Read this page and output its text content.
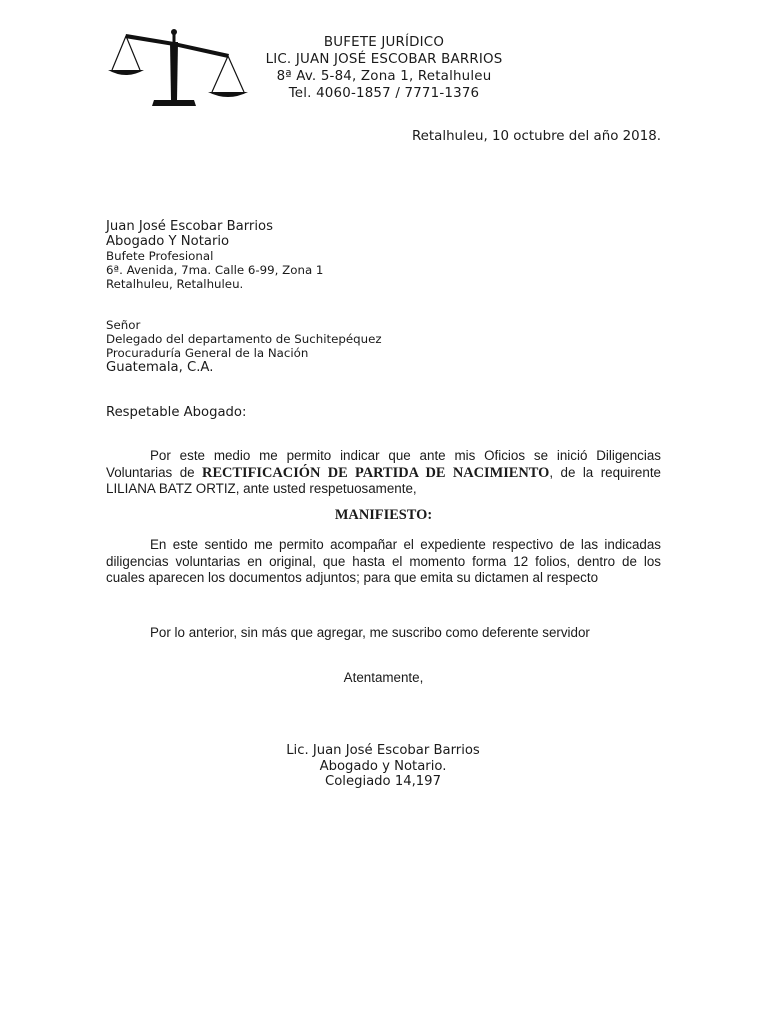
BUFETE JURÍDICO
LIC. JUAN JOSÉ ESCOBAR BARRIOS
8ª Av. 5-84, Zona 1, Retalhuleu
Tel. 4060-1857 / 7771-1376
Retalhuleu, 10 octubre del año 2018.
Juan José Escobar Barrios
Abogado Y Notario
Bufete Profesional
6ª. Avenida, 7ma. Calle 6-99, Zona 1
Retalhuleu, Retalhuleu.
Señor
Delegado del departamento de Suchitepéquez
Procuraduría General de la Nación
Guatemala, C.A.
Respetable Abogado:
Por este medio me permito indicar que ante mis Oficios se inició Diligencias Voluntarias de RECTIFICACIÓN DE PARTIDA DE NACIMIENTO, de la requirente LILIANA BATZ ORTIZ, ante usted respetuosamente,
MANIFIESTO:
En este sentido me permito acompañar el expediente respectivo de las indicadas diligencias voluntarias en original, que hasta el momento forma 12 folios, dentro de los cuales aparecen los documentos adjuntos; para que emita su dictamen al respecto
Por lo anterior, sin más que agregar, me suscribo como deferente servidor
Atentamente,
Lic. Juan José Escobar Barrios
Abogado y Notario.
Colegiado 14,197
